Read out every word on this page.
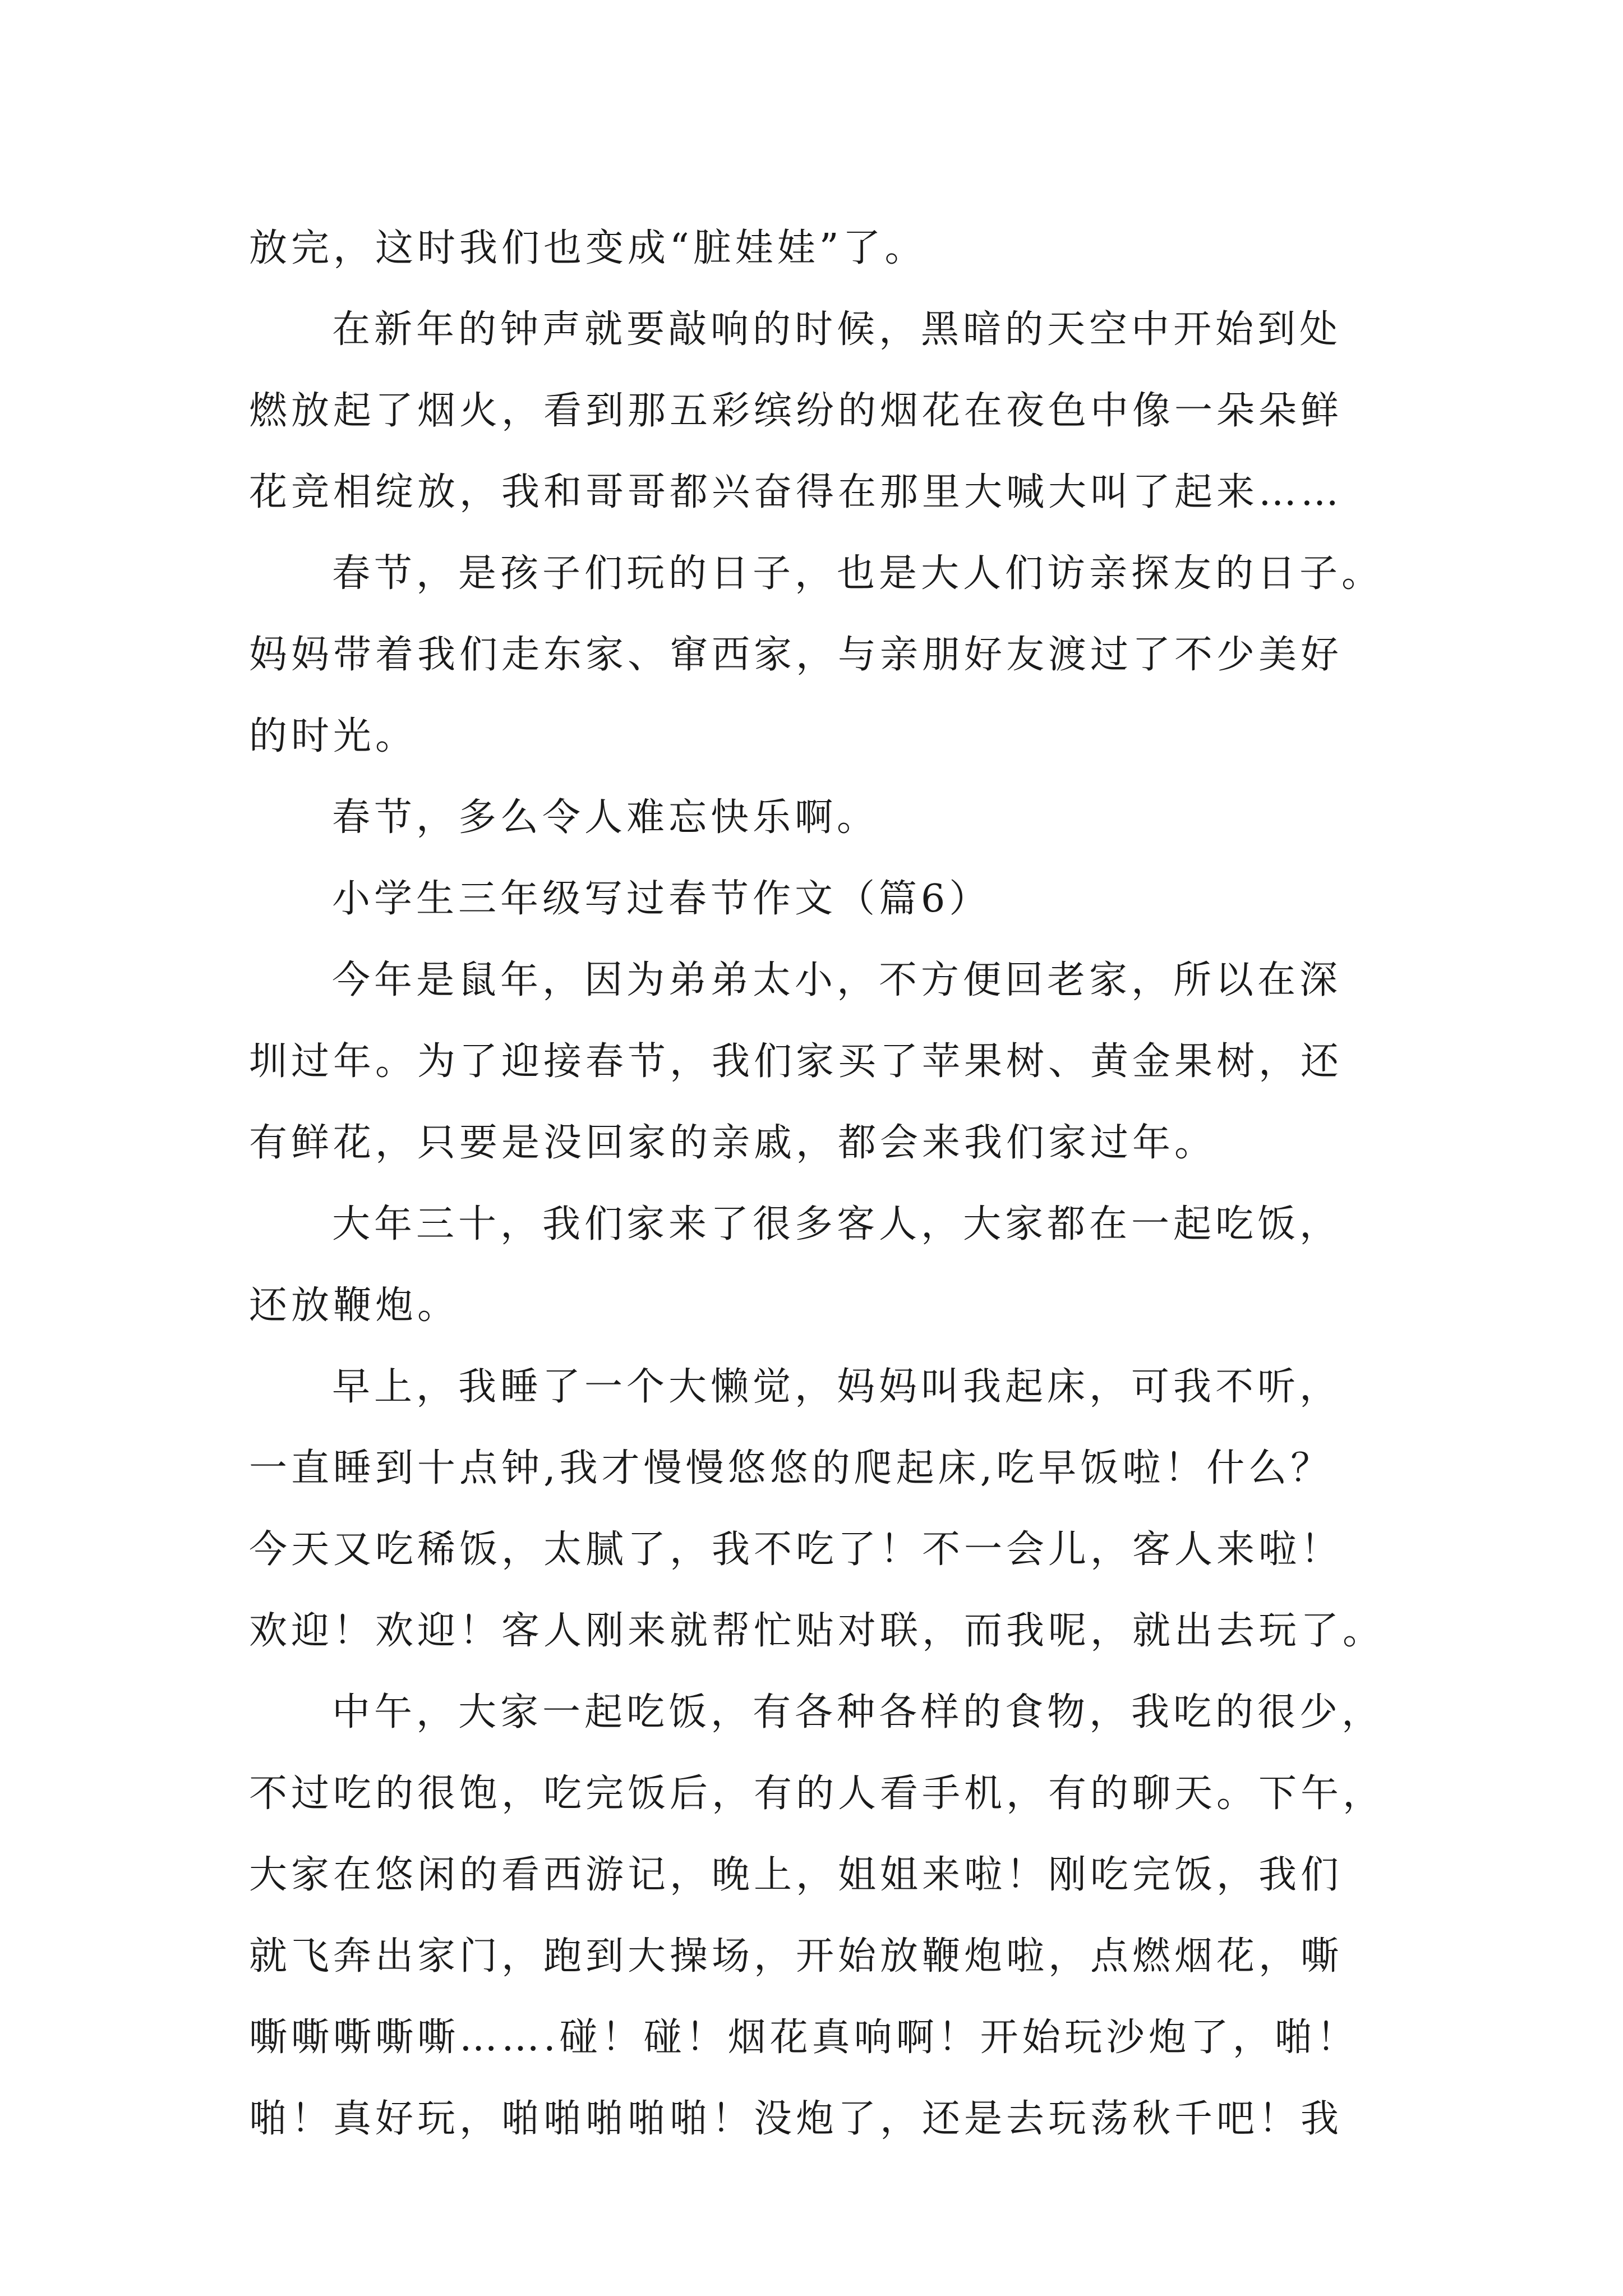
放完，这时我们也变成“脏娃娃”了。
在新年的钟声就要敲响的时候，黑暗的天空中开始到处
燃放起了烟火，看到那五彩缤纷的烟花在夜色中像一朵朵鲜
花竞相绽放，我和哥哥都兴奋得在那里大喊大叫了起来……
春节，是孩子们玩的日子，也是大人们访亲探友的日子。
妈妈带着我们走东家、窜西家，与亲朋好友渡过了不少美好
的时光。
春节，多么令人难忘快乐啊。
小学生三年级写过春节作文（篇6）
今年是鼠年，因为弟弟太小，不方便回老家，所以在深
圳过年。为了迎接春节，我们家买了苹果树、黄金果树，还
有鲜花，只要是没回家的亲戚，都会来我们家过年。
大年三十，我们家来了很多客人，大家都在一起吃饭，
还放鞭炮。
早上，我睡了一个大懒觉，妈妈叫我起床，可我不听，
一直睡到十点钟,我才慢慢悠悠的爬起床,吃早饭啦！什么？
今天又吃稀饭，太腻了，我不吃了！不一会儿，客人来啦！
欢迎！欢迎！客人刚来就帮忙贴对联，而我呢，就出去玩了。
中午，大家一起吃饭，有各种各样的食物，我吃的很少，
不过吃的很饱，吃完饭后，有的人看手机，有的聊天。下午，
大家在悠闲的看西游记，晚上，姐姐来啦！刚吃完饭，我们
就飞奔出家门，跑到大操场，开始放鞭炮啦，点燃烟花，嘶
嘶嘶嘶嘶嘶…….碰！碰！烟花真响啊！开始玩沙炮了，啪！
啪！真好玩，啪啪啪啪啪！没炮了，还是去玩荡秋千吧！我
